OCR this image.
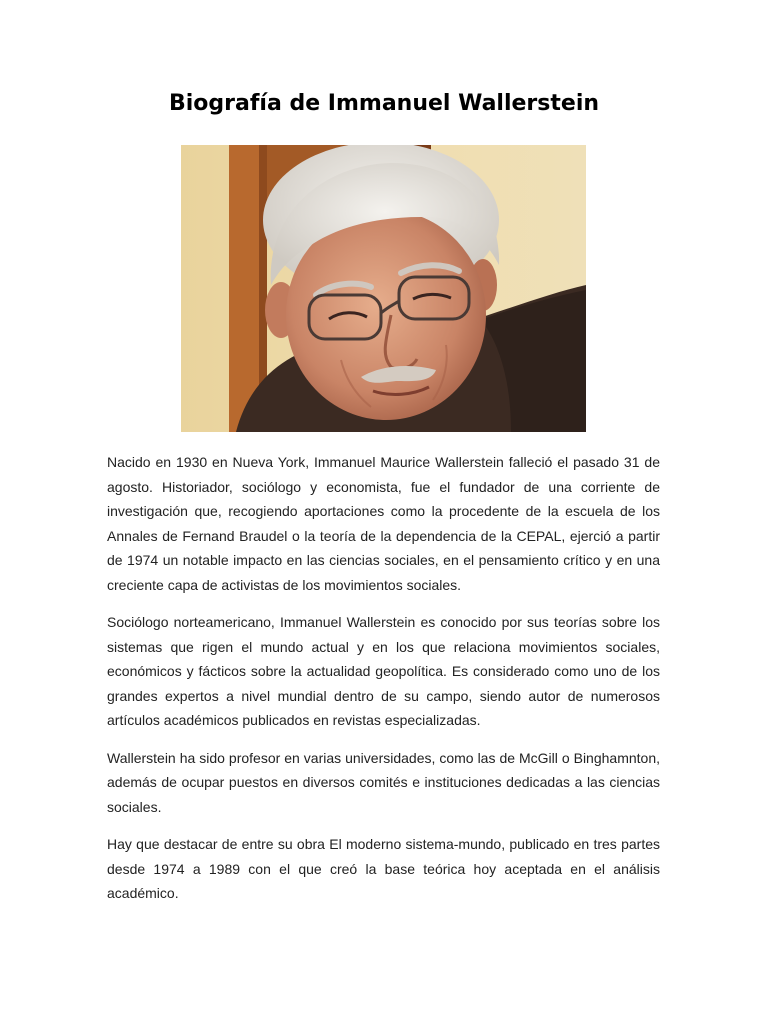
Biografía de Immanuel Wallerstein

Nacido en 1930 en Nueva York, Immanuel Maurice Wallerstein falleció el pasado 31 de agosto. Historiador, sociólogo y economista, fue el fundador de una corriente de investigación que, recogiendo aportaciones como la procedente de la escuela de los Annales de Fernand Braudel o la teoría de la dependencia de la CEPAL, ejerció a partir de 1974 un notable impacto en las ciencias sociales, en el pensamiento crítico y en una creciente capa de activistas de los movimientos sociales.

Sociólogo norteamericano, Immanuel Wallerstein es conocido por sus teorías sobre los sistemas que rigen el mundo actual y en los que relaciona movimientos sociales, económicos y fácticos sobre la actualidad geopolítica. Es considerado como uno de los grandes expertos a nivel mundial dentro de su campo, siendo autor de numerosos artículos académicos publicados en revistas especializadas.

Wallerstein ha sido profesor en varias universidades, como las de McGill o Binghamnton, además de ocupar puestos en diversos comités e instituciones dedicadas a las ciencias sociales.

Hay que destacar de entre su obra El moderno sistema-mundo, publicado en tres partes desde 1974 a 1989 con el que creó la base teórica hoy aceptada en el análisis académico.
